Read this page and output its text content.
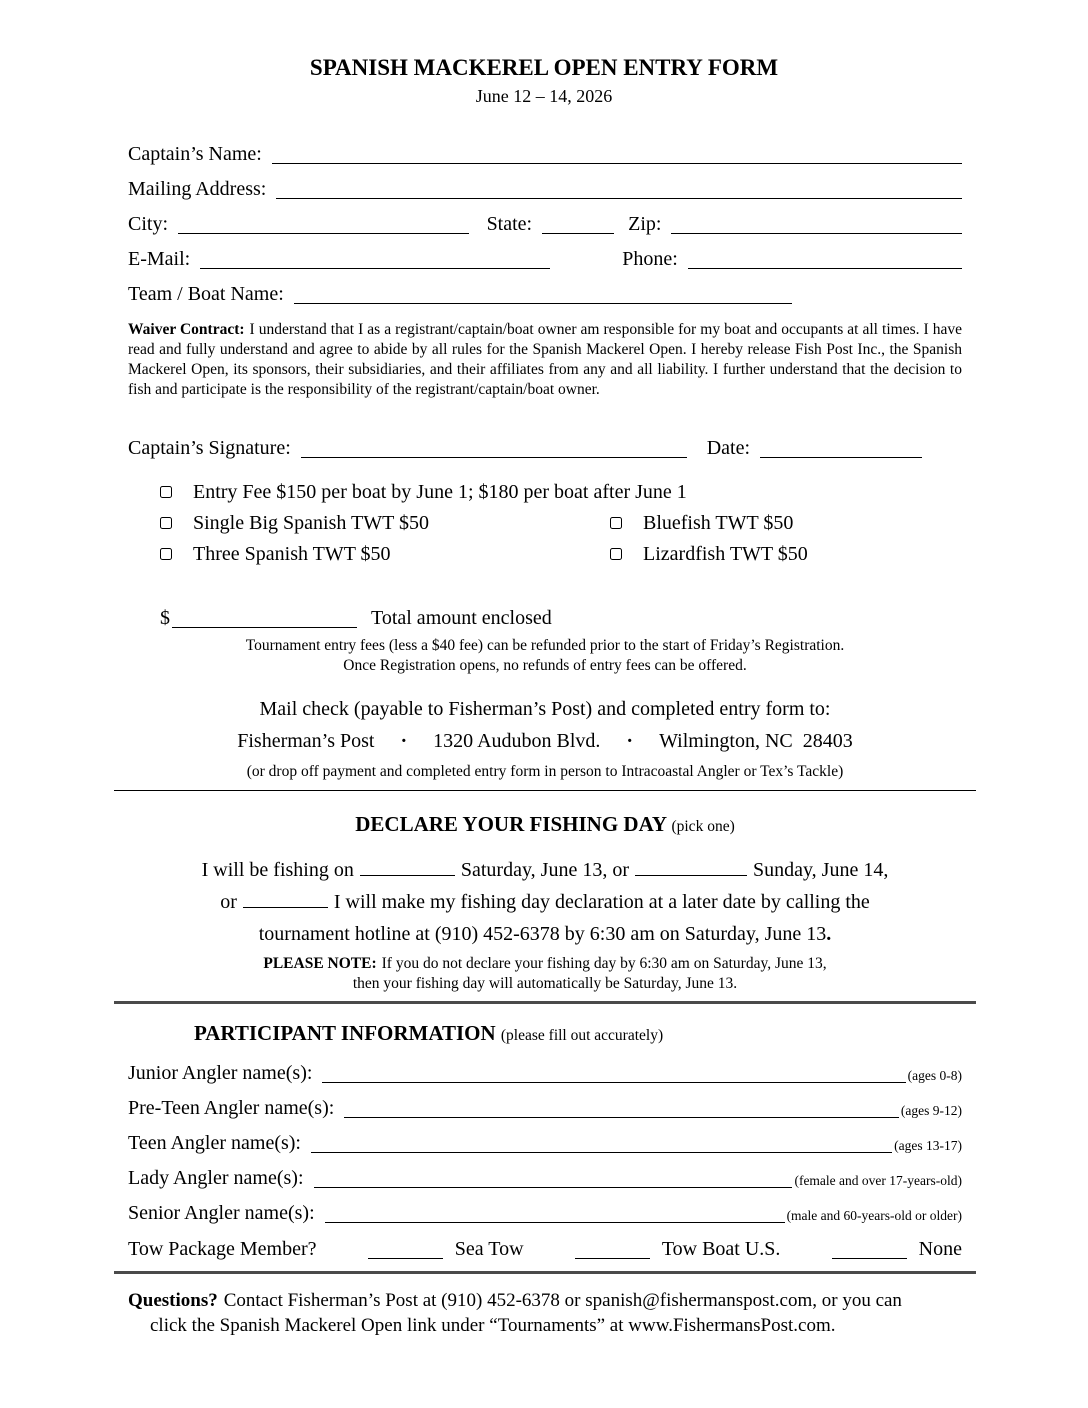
SPANISH MACKEREL OPEN ENTRY FORM
June 12 – 14, 2026
Captain’s Name:
Mailing Address:
City:	State:	Zip:
E-Mail:	Phone:
Team / Boat Name:

Waiver Contract: I understand that I as a registrant/captain/boat owner am responsible for my boat and occupants at all times. I have read and fully understand and agree to abide by all rules for the Spanish Mackerel Open. I hereby release Fish Post Inc., the Spanish Mackerel Open, its sponsors, their subsidiaries, and their affiliates from any and all liability. I further understand that the decision to fish and participate is the responsibility of the registrant/captain/boat owner.

Captain’s Signature:	Date:
Entry Fee $150 per boat by June 1; $180 per boat after June 1
Single Big Spanish TWT $50	Bluefish TWT $50
Three Spanish TWT $50	Lizardfish TWT $50
$	Total amount enclosed
Tournament entry fees (less a $40 fee) can be refunded prior to the start of Friday’s Registration.
Once Registration opens, no refunds of entry fees can be offered.
Mail check (payable to Fisherman’s Post) and completed entry form to:
Fisherman’s Post · 1320 Audubon Blvd. · Wilmington, NC  28403
(or drop off payment and completed entry form in person to Intracoastal Angler or Tex’s Tackle)
DECLARE YOUR FISHING DAY (pick one)
I will be fishing on	Saturday, June 13, or	Sunday, June 14,
or	I will make my fishing day declaration at a later date by calling the
tournament hotline at (910) 452-6378 by 6:30 am on Saturday, June 13.
PLEASE NOTE: If you do not declare your fishing day by 6:30 am on Saturday, June 13,
then your fishing day will automatically be Saturday, June 13.
PARTICIPANT INFORMATION (please fill out accurately)
Junior Angler name(s):	(ages 0-8)
Pre-Teen Angler name(s):	(ages 9-12)
Teen Angler name(s):	(ages 13-17)
Lady Angler name(s):	(female and over 17-years-old)
Senior Angler name(s):	(male and 60-years-old or older)
Tow Package Member?	Sea Tow	Tow Boat U.S.	None
Questions? Contact Fisherman’s Post at (910) 452-6378 or spanish@fishermanspost.com, or you can
click the Spanish Mackerel Open link under “Tournaments” at www.FishermansPost.com.
